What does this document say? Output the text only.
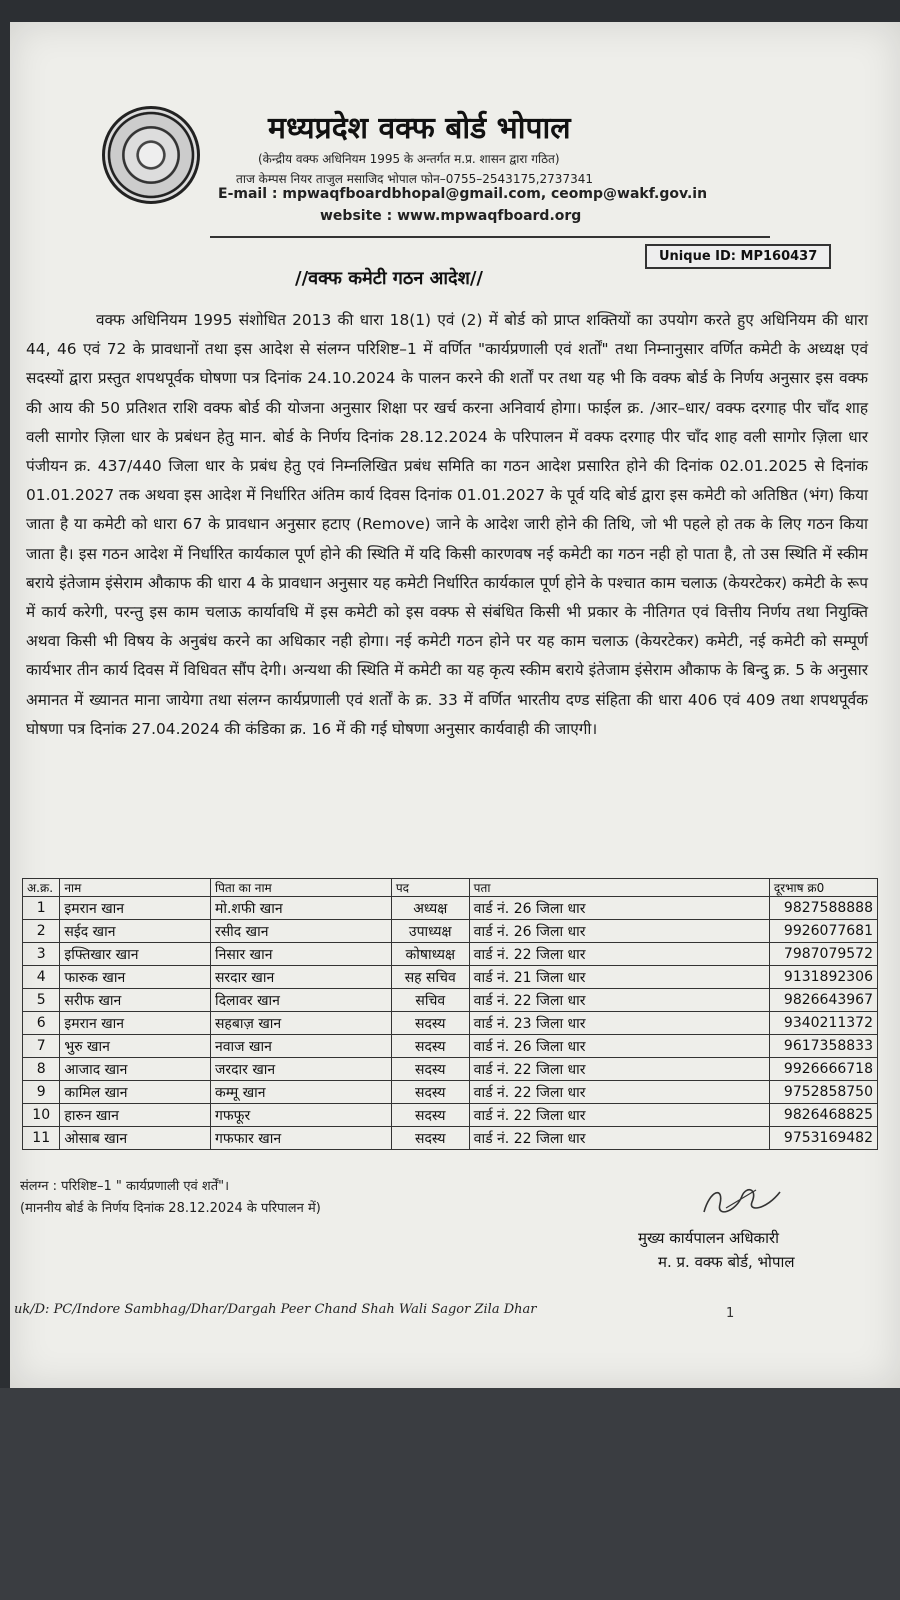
मध्यप्रदेश वक्फ बोर्ड भोपाल
(केन्द्रीय वक्फ अधिनियम 1995 के अन्तर्गत म.प्र. शासन द्वारा गठित)
ताज केम्पस नियर ताजुल मसाजिद भोपाल फोन–0755–2543175,2737341
E-mail : mpwaqfboardbhopal@gmail.com, ceomp@wakf.gov.in
website : www.mpwaqfboard.org
Unique ID: MP160437
//वक्फ कमेटी गठन आदेश//
वक्फ अधिनियम 1995 संशोधित 2013 की धारा 18(1) एवं (2) में बोर्ड को प्राप्त शक्तियों का उपयोग करते हुए अधिनियम की धारा 44, 46 एवं 72 के प्रावधानों तथा इस आदेश से संलग्न परिशिष्ट–1 में वर्णित "कार्यप्रणाली एवं शर्तों" तथा निम्नानुसार वर्णित कमेटी के अध्यक्ष एवं सदस्यों द्वारा प्रस्तुत शपथपूर्वक घोषणा पत्र दिनांक 24.10.2024 के पालन करने की शर्तों पर तथा यह भी कि वक्फ बोर्ड के निर्णय अनुसार इस वक्फ की आय की 50 प्रतिशत राशि वक्फ बोर्ड की योजना अनुसार शिक्षा पर खर्च करना अनिवार्य होगा। फाईल क्र. /आर–धार/ वक्फ दरगाह पीर चॉंद शाह वली सागोर ज़िला धार के प्रबंधन हेतु मान. बोर्ड के निर्णय दिनांक 28.12.2024 के परिपालन में वक्फ दरगाह पीर चॉंद शाह वली सागोर ज़िला धार पंजीयन क्र. 437/440 जिला धार के प्रबंध हेतु एवं निम्नलिखित प्रबंध समिति का गठन आदेश प्रसारित होने की दिनांक 02.01.2025 से दिनांक 01.01.2027 तक अथवा इस आदेश में निर्धारित अंतिम कार्य दिवस दिनांक 01.01.2027 के पूर्व यदि बोर्ड द्वारा इस कमेटी को अतिष्ठित (भंग) किया जाता है या कमेटी को धारा 67 के प्रावधान अनुसार हटाए (Remove) जाने के आदेश जारी होने की तिथि, जो भी पहले हो तक के लिए गठन किया जाता है। इस गठन आदेश में निर्धारित कार्यकाल पूर्ण होने की स्थिति में यदि किसी कारणवष नई कमेटी का गठन नही हो पाता है, तो उस स्थिति में स्कीम बराये इंतेजाम इंसेराम औकाफ की धारा 4 के प्रावधान अनुसार यह कमेटी निर्धारित कार्यकाल पूर्ण होने के पश्चात काम चलाऊ (केयरटेकर) कमेटी के रूप में कार्य करेगी, परन्तु इस काम चलाऊ कार्यावधि में इस कमेटी को इस वक्फ से संबंधित किसी भी प्रकार के नीतिगत एवं वित्तीय निर्णय तथा नियुक्ति अथवा किसी भी विषय के अनुबंध करने का अधिकार नही होगा। नई कमेटी गठन होने पर यह काम चलाऊ (केयरटेकर) कमेटी, नई कमेटी को सम्पूर्ण कार्यभार तीन कार्य दिवस में विधिवत सौंप देगी। अन्यथा की स्थिति में कमेटी का यह कृत्य स्कीम बराये इंतेजाम इंसेराम औकाफ के बिन्दु क्र. 5 के अनुसार अमानत में ख्यानत माना जायेगा तथा संलग्न कार्यप्रणाली एवं शर्तों के क्र. 33 में वर्णित भारतीय दण्ड संहिता की धारा 406 एवं 409 तथा शपथपूर्वक घोषणा पत्र दिनांक 27.04.2024 की कंडिका क्र. 16 में की गई घोषणा अनुसार कार्यवाही की जाएगी।
अ.क्र.	नाम	पिता का नाम	पद	पता	दूरभाष क्र0
1	इमरान खान	मो.शफी खान	अध्यक्ष	वार्ड नं. 26 जिला धार	9827588888
2	सईद खान	रसीद खान	उपाध्यक्ष	वार्ड नं. 26 जिला धार	9926077681
3	इफ्तिखार खान	निसार खान	कोषाध्यक्ष	वार्ड नं. 22 जिला धार	7987079572
4	फारुक खान	सरदार खान	सह सचिव	वार्ड नं. 21 जिला धार	9131892306
5	सरीफ खान	दिलावर खान	सचिव	वार्ड नं. 22 जिला धार	9826643967
6	इमरान खान	सहबाज़ खान	सदस्य	वार्ड नं. 23 जिला धार	9340211372
7	भुरु खान	नवाज खान	सदस्य	वार्ड नं. 26 जिला धार	9617358833
8	आजाद खान	जरदार खान	सदस्य	वार्ड नं. 22 जिला धार	9926666718
9	कामिल खान	कम्मू खान	सदस्य	वार्ड नं. 22 जिला धार	9752858750
10	हारुन खान	गफफूर	सदस्य	वार्ड नं. 22 जिला धार	9826468825
11	ओसाब खान	गफफार खान	सदस्य	वार्ड नं. 22 जिला धार	9753169482
संलग्न : परिशिष्ट–1 " कार्यप्रणाली एवं शर्तें"।
(माननीय बोर्ड के निर्णय दिनांक 28.12.2024 के परिपालन में)
मुख्य कार्यपालन अधिकारी
म. प्र. वक्फ बोर्ड, भोपाल
uk/D: PC/Indore Sambhag/Dhar/Dargah Peer Chand Shah Wali Sagor Zila Dhar	1
